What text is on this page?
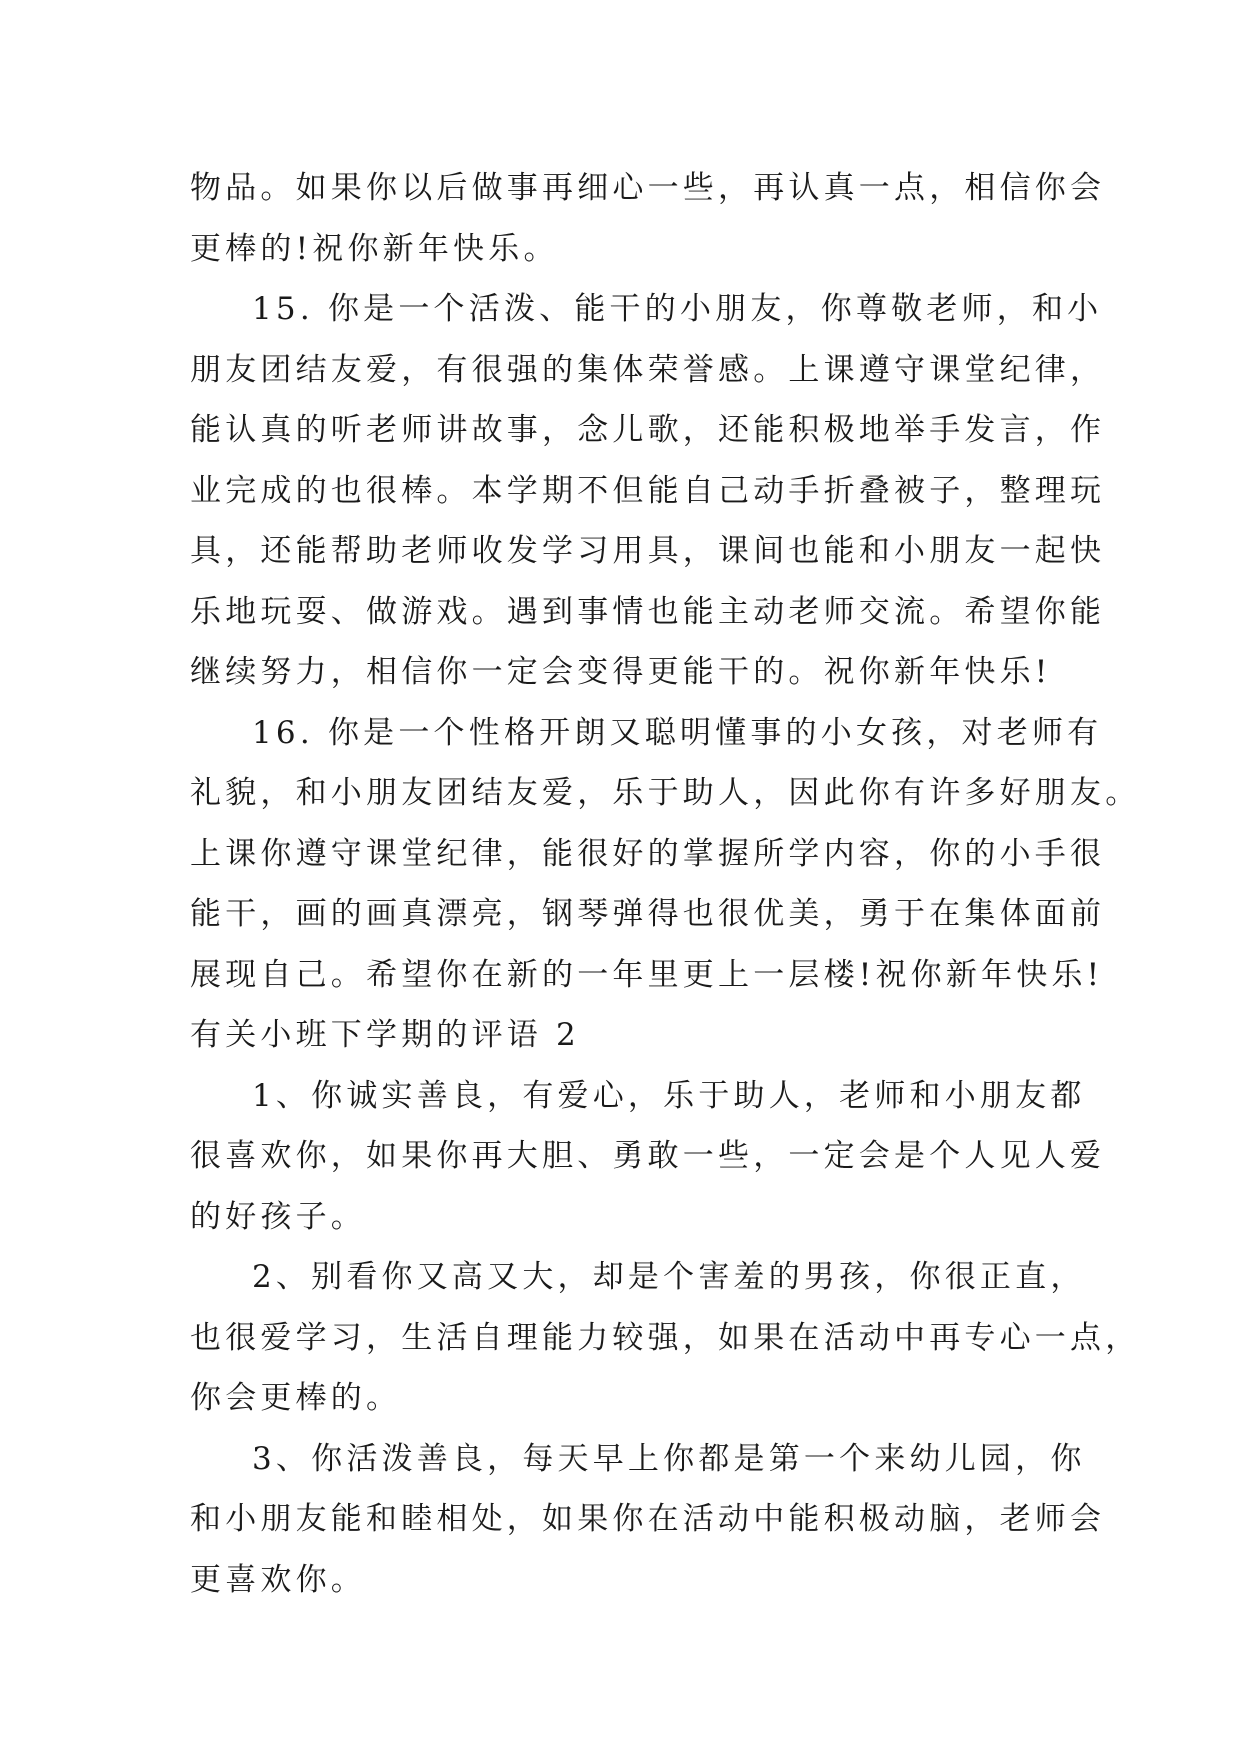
物品。如果你以后做事再细心一些，再认真一点，相信你会

更棒的!祝你新年快乐。

15. 你是一个活泼、能干的小朋友，你尊敬老师，和小

朋友团结友爱，有很强的集体荣誉感。上课遵守课堂纪律，

能认真的听老师讲故事，念儿歌，还能积极地举手发言，作

业完成的也很棒。本学期不但能自己动手折叠被子，整理玩

具，还能帮助老师收发学习用具，课间也能和小朋友一起快

乐地玩耍、做游戏。遇到事情也能主动老师交流。希望你能

继续努力，相信你一定会变得更能干的。祝你新年快乐!

16. 你是一个性格开朗又聪明懂事的小女孩，对老师有

礼貌，和小朋友团结友爱，乐于助人，因此你有许多好朋友。

上课你遵守课堂纪律，能很好的掌握所学内容，你的小手很

能干，画的画真漂亮，钢琴弹得也很优美，勇于在集体面前

展现自己。希望你在新的一年里更上一层楼!祝你新年快乐!

有关小班下学期的评语 2

1、你诚实善良，有爱心，乐于助人，老师和小朋友都

很喜欢你，如果你再大胆、勇敢一些，一定会是个人见人爱

的好孩子。

2、别看你又高又大，却是个害羞的男孩，你很正直，

也很爱学习，生活自理能力较强，如果在活动中再专心一点，

你会更棒的。

3、你活泼善良，每天早上你都是第一个来幼儿园，你

和小朋友能和睦相处，如果你在活动中能积极动脑，老师会

更喜欢你。
